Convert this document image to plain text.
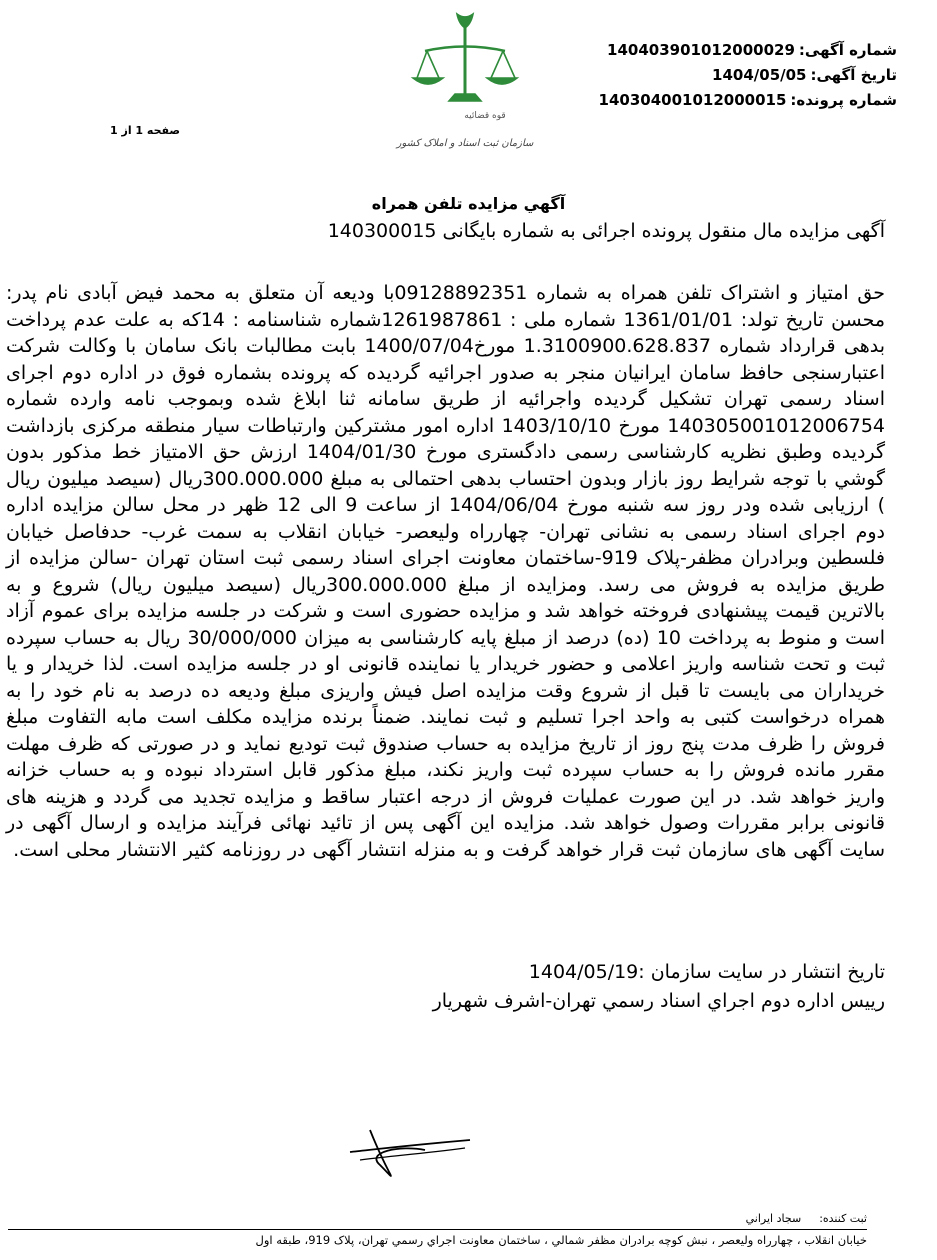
شماره آگهی:14040390101200002‍9
تاریخ آگهی:1404/05/05
شماره پرونده:14030400101200001‍5
قوه قضائیه
سازمان ثبت اسناد و املاک کشور
صفحه 1 از 1
آگهي مزايده تلفن همراه
آگهی مزایده مال منقول پرونده اجرائی به شماره بایگانی 140300015
حق امتیاز و اشتراک تلفن همراه به شماره 09128892351با ودیعه آن متعلق به محمد فیض آبادی نام پدر: محسن تاریخ تولد: 1361/01/01 شماره ملی : 1261987861شماره شناسنامه : 14که به علت عدم پرداخت بدهی قرارداد شماره 1.3100900.628.837 مورخ1400/07/04 بابت مطالبات بانک سامان با وکالت شرکت اعتبارسنجی حافظ سامان ایرانیان منجر به صدور اجرائیه گردیده که پرونده بشماره فوق در اداره دوم اجرای اسناد رسمی تهران تشکیل گردیده واجرائیه از طریق سامانه ثنا ابلاغ شده وبموجب نامه وارده شماره 140305001012006754 مورخ 1403/10/10 اداره امور مشترکین وارتباطات سیار منطقه مرکزی بازداشت گردیده وطبق نظریه کارشناسی رسمی دادگستری مورخ 1404/01/30 ارزش حق الامتیاز خط مذکور بدون گوشي با توجه شرایط روز بازار وبدون احتساب بدهی احتمالی به مبلغ 300.000.000ریال (سیصد میلیون ریال ) ارزیابی شده ودر روز سه شنبه مورخ 1404/06/04 از ساعت 9 الی 12 ظهر در محل سالن مزایده اداره دوم اجرای اسناد رسمی به نشانی تهران- چهارراه ولیعصر- خیابان انقلاب به سمت غرب- حدفاصل خیابان فلسطین وبرادران مظفر-پلاک 919-ساختمان معاونت اجرای اسناد رسمی ثبت استان تهران -سالن مزایده از طریق مزایده به فروش می رسد. ومزایده از مبلغ 300.000.000ریال (سیصد میلیون ریال) شروع و به بالاترین قیمت پیشنهادی فروخته خواهد شد و مزایده حضوری است و شرکت در جلسه مزایده برای عموم آزاد است و منوط به پرداخت 10 (ده) درصد از مبلغ پایه کارشناسی به میزان 30/000/000 ریال به حساب سپرده ثبت و تحت شناسه واریز اعلامی و حضور خریدار یا نماینده قانونی او در جلسه مزایده است. لذا خریدار و یا خریداران می بایست تا قبل از شروع وقت مزایده اصل فیش واریزی مبلغ ودیعه ده درصد به نام خود را به همراه درخواست کتبی به واحد اجرا تسلیم و ثبت نمایند. ضمناً برنده مزایده مکلف است مابه التفاوت مبلغ فروش را ظرف مدت پنج روز از تاریخ مزایده به حساب صندوق ثبت تودیع نماید و در صورتی که ظرف مهلت مقرر مانده فروش را به حساب سپرده ثبت واریز نکند، مبلغ مذکور قابل استرداد نبوده و به حساب خزانه واریز خواهد شد. در این صورت عملیات فروش از درجه اعتبار ساقط و مزایده تجدید می گردد و هزینه های قانونی برابر مقررات وصول خواهد شد. مزایده این آگهی پس از تائید نهائی فرآیند مزایده و ارسال آگهی در سایت آگهی های سازمان ثبت قرار خواهد گرفت و به منزله انتشار آگهی در روزنامه کثیر الانتشار محلی است.
تاریخ انتشار در سایت سازمان :1404/05/19
رييس اداره دوم اجراي اسناد رسمي تهران-اشرف شهريار
ثبت کننده:
سجاد ايراني
خیابان انقلاب ، چهارراه ولیعصر ، نبش کوچه برادران مظفر شمالي ، ساختمان معاونت اجراي رسمي تهران، پلاک 919، طبقه اول
